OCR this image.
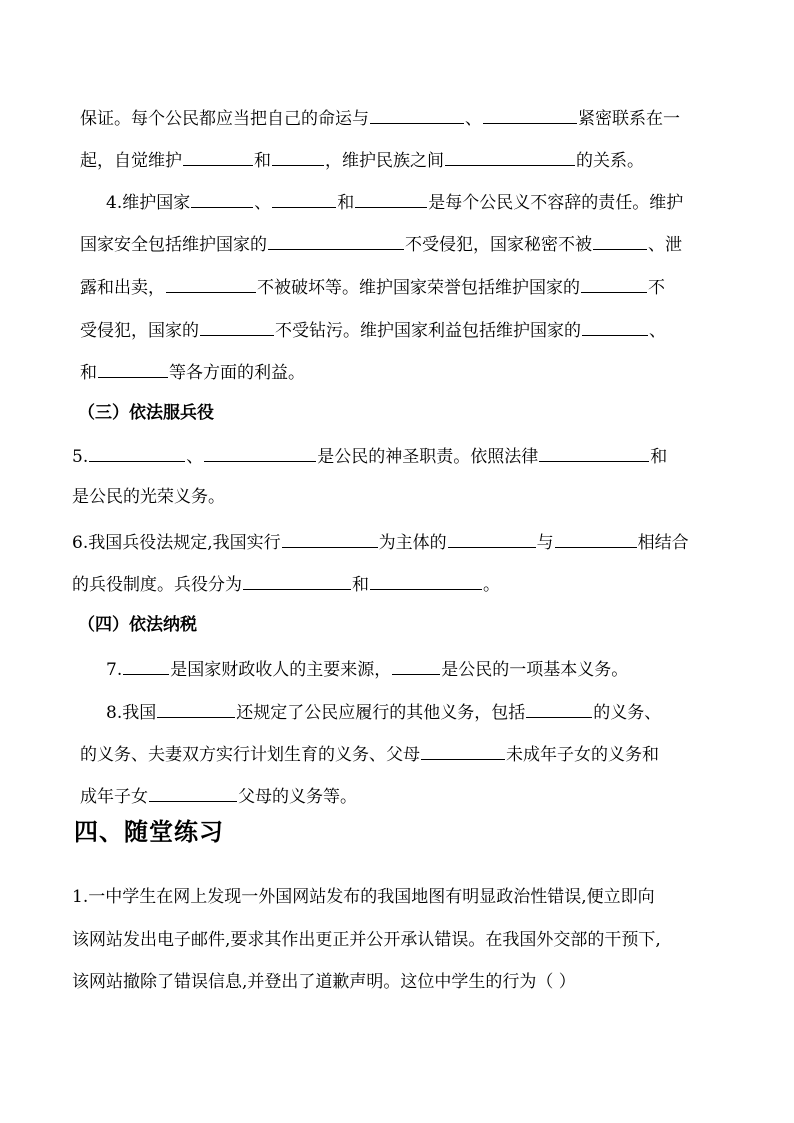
保证。每个公民都应当把自己的命运与	、	紧密联系在一
起，自觉维护	和	，维护民族之间	的关系。
4.维护国家	、	和	是每个公民义不容辞的责任。维护
国家安全包括维护国家的	不受侵犯，国家秘密不被	、泄
露和出卖，	不被破坏等。维护国家荣誉包括维护国家的	不
受侵犯，国家的	不受钻污。维护国家利益包括维护国家的	、
和	等各方面的利益。
（三）依法服兵役
5.	、	是公民的神圣职责。依照法律	和
是公民的光荣义务。
6.我国兵役法规定,我国实行	为主体的	与	相结合
的兵役制度。兵役分为	和	。
（四）依法纳税
7.	是国家财政收人的主要来源，	是公民的一项基本义务。
8.我国	还规定了公民应履行的其他义务，包括	的义务、
的义务、夫妻双方实行计划生育的义务、父母	未成年子女的义务和
成年子女	父母的义务等。
四、随堂练习
1.一中学生在网上发现一外国网站发布的我国地图有明显政治性错误,便立即向
该网站发出电子邮件,要求其作出更正并公开承认错误。在我国外交部的干预下,
该网站撤除了错误信息,并登出了道歉声明。这位中学生的行为（ ）
